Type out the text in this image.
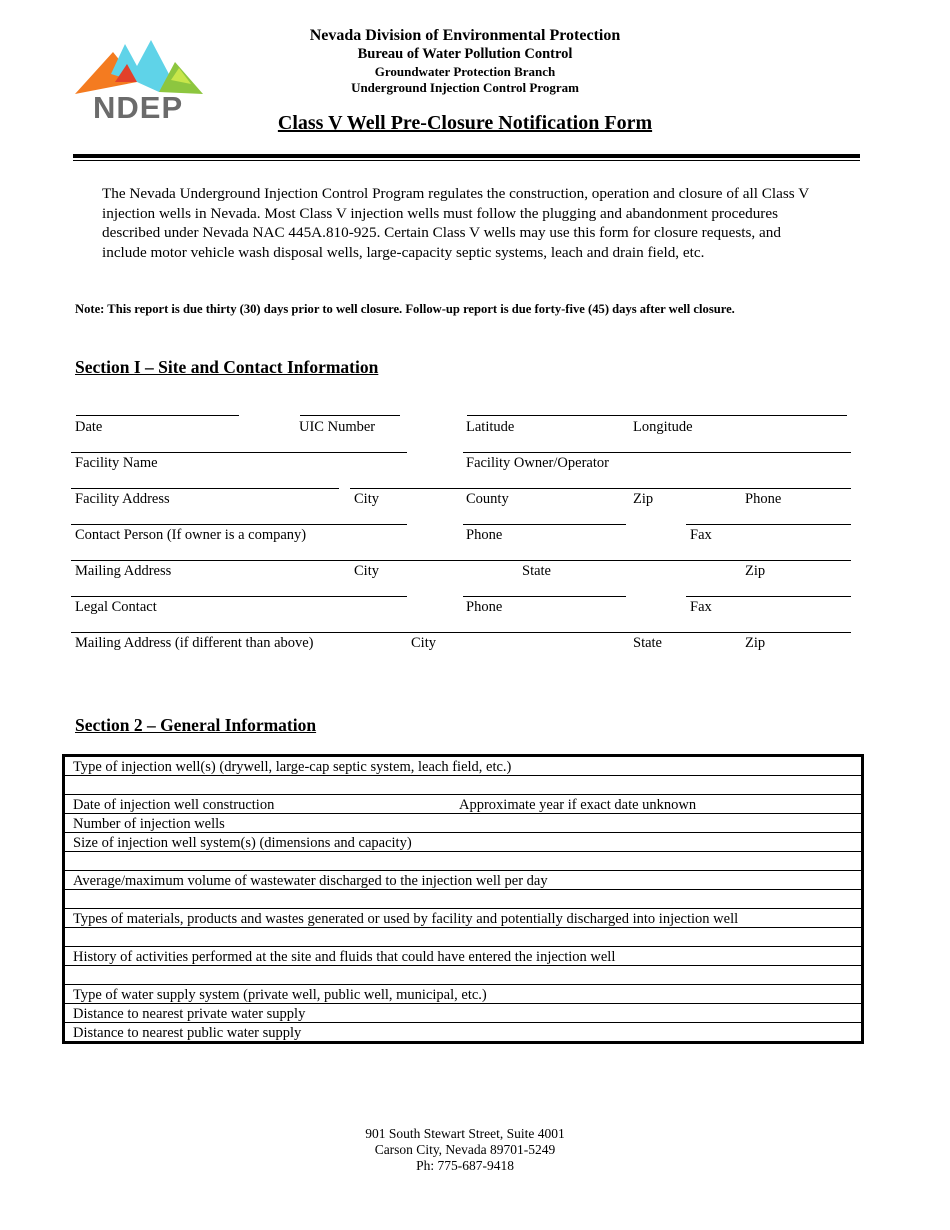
NDEP
Nevada Division of Environmental Protection
Bureau of Water Pollution Control
Groundwater Protection Branch
Underground Injection Control Program
Class V Well Pre-Closure Notification Form
The Nevada Underground Injection Control Program regulates the construction, operation and closure of all Class V injection wells in Nevada. Most Class V injection wells must follow the plugging and abandonment procedures described under Nevada NAC 445A.810-925. Certain Class V wells may use this form for closure requests, and include motor vehicle wash disposal wells, large-capacity septic systems, leach and drain field, etc.
Note: This report is due thirty (30) days prior to well closure. Follow-up report is due forty-five (45) days after well closure.
Section I – Site and Contact Information
Date	UIC Number	Latitude	Longitude
Facility Name	Facility Owner/Operator
Facility Address	City	County	Zip	Phone
Contact Person (If owner is a company)	Phone	Fax
Mailing Address	City	State	Zip
Legal Contact	Phone	Fax
Mailing Address (if different than above)	City	State	Zip
Section 2 – General Information
Type of injection well(s) (drywell, large-cap septic system, leach field, etc.)
Date of injection well construction	Approximate year if exact date unknown
Number of injection wells
Size of injection well system(s) (dimensions and capacity)
Average/maximum volume of wastewater discharged to the injection well per day
Types of materials, products and wastes generated or used by facility and potentially discharged into injection well
History of activities performed at the site and fluids that could have entered the injection well
Type of water supply system (private well, public well, municipal, etc.)
Distance to nearest private water supply
Distance to nearest public water supply
901 South Stewart Street, Suite 4001
Carson City, Nevada 89701-5249
Ph: 775-687-9418
